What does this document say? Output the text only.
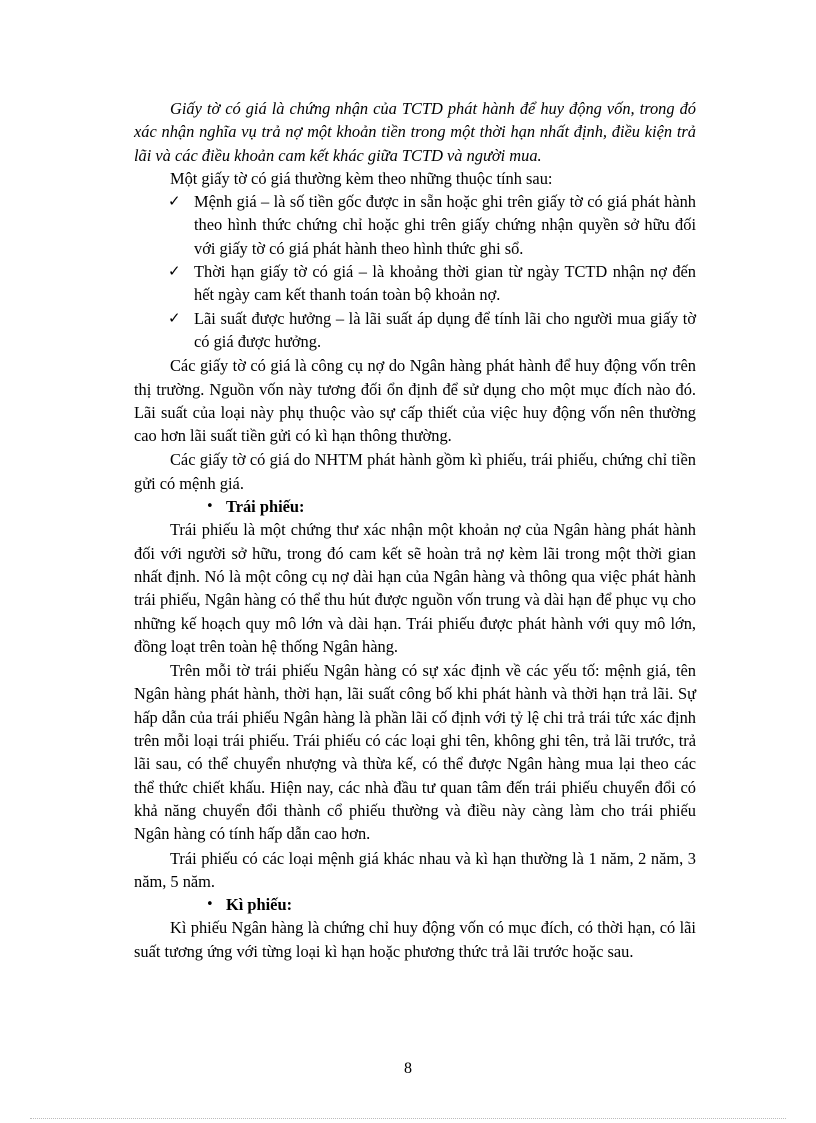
Giấy tờ có giá là chứng nhận của TCTD phát hành để huy động vốn, trong đó xác nhận nghĩa vụ trả nợ một khoản tiền trong một thời hạn nhất định, điều kiện trả lãi và các điều khoản cam kết khác giữa TCTD và người mua.

Một giấy tờ có giá thường kèm theo những thuộc tính sau:

✓ Mệnh giá – là số tiền gốc được in sẵn hoặc ghi trên giấy tờ có giá phát hành theo hình thức chứng chỉ hoặc ghi trên giấy chứng nhận quyền sở hữu đối với giấy tờ có giá phát hành theo hình thức ghi sổ.
✓ Thời hạn giấy tờ có giá – là khoảng thời gian từ ngày TCTD nhận nợ đến hết ngày cam kết thanh toán toàn bộ khoản nợ.
✓ Lãi suất được hưởng – là lãi suất áp dụng để tính lãi cho người mua giấy tờ có giá được hưởng.

Các giấy tờ có giá là công cụ nợ do Ngân hàng phát hành để huy động vốn trên thị trường. Nguồn vốn này tương đối ổn định để sử dụng cho một mục đích nào đó. Lãi suất của loại này phụ thuộc vào sự cấp thiết của việc huy động vốn nên thường cao hơn lãi suất tiền gửi có kì hạn thông thường.

Các giấy tờ có giá do NHTM phát hành gồm kì phiếu, trái phiếu, chứng chỉ tiền gửi có mệnh giá.

• Trái phiếu:

Trái phiếu là một chứng thư xác nhận một khoản nợ của Ngân hàng phát hành đối với người sở hữu, trong đó cam kết sẽ hoàn trả nợ kèm lãi trong một thời gian nhất định. Nó là một công cụ nợ dài hạn của Ngân hàng và thông qua việc phát hành trái phiếu, Ngân hàng có thể thu hút được nguồn vốn trung và dài hạn để phục vụ cho những kế hoạch quy mô lớn và dài hạn. Trái phiếu được phát hành với quy mô lớn, đồng loạt trên toàn hệ thống Ngân hàng.

Trên mỗi tờ trái phiếu Ngân hàng có sự xác định về các yếu tố: mệnh giá, tên Ngân hàng phát hành, thời hạn, lãi suất công bố khi phát hành và thời hạn trả lãi. Sự hấp dẫn của trái phiếu Ngân hàng là phần lãi cố định với tỷ lệ chi trả trái tức xác định trên mỗi loại trái phiếu. Trái phiếu có các loại ghi tên, không ghi tên, trả lãi trước, trả lãi sau, có thể chuyển nhượng và thừa kế, có thể được Ngân hàng mua lại theo các thể thức chiết khấu. Hiện nay, các nhà đầu tư quan tâm đến trái phiếu chuyển đổi có khả năng chuyển đổi thành cổ phiếu thường và điều này càng làm cho trái phiếu Ngân hàng có tính hấp dẫn cao hơn.

Trái phiếu có các loại mệnh giá khác nhau và kì hạn thường là 1 năm, 2 năm, 3 năm, 5 năm.

• Kì phiếu:

Kì phiếu Ngân hàng là chứng chỉ huy động vốn có mục đích, có thời hạn, có lãi suất tương ứng với từng loại kì hạn hoặc phương thức trả lãi trước hoặc sau.

8
